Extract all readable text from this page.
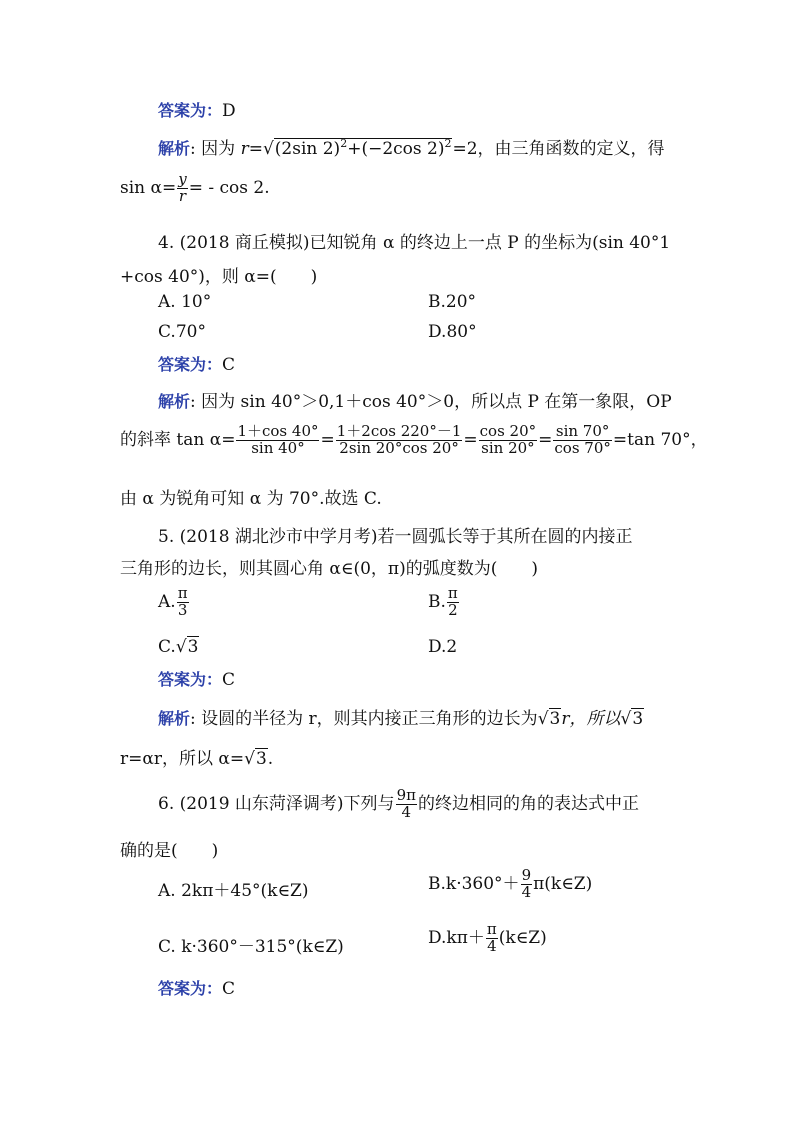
答案为：D
解析: 因为 r=√(2sin 2)$^2$+(−2cos 2)$^2$=2，由三角函数的定义，得
$\sin \alpha= \frac{y}{r}$ = - cos 2.
4. (2018 商丘模拟)已知锐角 α 的终边上一点 P 的坐标为(sin 40°1
+cos 40°)，则 α=(　　)
A. 10°	B.20°
C.70°	D.80°
答案为：C
解析: 因为 sin 40°＞0,1＋cos 40°＞0，所以点 P 在第一象限，OP
的斜率 $\tan \alpha= \frac{1+\cos 40^\circ}{\sin 40^\circ} = \frac{1+2\cos 220^\circ-1}{2\sin 20^\circ\cos 20^\circ} = \frac{\cos 20^\circ}{\sin 20^\circ} = \frac{\sin 70^\circ}{\cos 70^\circ} =\tan$ 70°，
由 α 为锐角可知 α 为 70°.故选 C.
5. (2018 湖北沙市中学月考)若一圆弧长等于其所在圆的内接正
三角形的边长，则其圆心角 α∈(0，π)的弧度数为(　　)
A. $\frac{\pi}{3}$	B. $\frac{\pi}{2}$
C.√3	D.2
答案为：C
解析: 设圆的半径为 r，则其内接正三角形的边长为√3r，所以√3
r=αr，所以 α=√3.
6. (2019 山东菏泽调考)下列与 $\frac{9\pi}{4}$ 的终边相同的角的表达式中正
确的是(　　)
A. 2kπ＋45°(k∈Z)	$B.k\cdot 360^\circ+ \frac{9}{4}$ π(k∈Z)
C. k·360°－315°(k∈Z)	$D.k\pi+ \frac{\pi}{4}$ (k∈Z)
答案为：C
